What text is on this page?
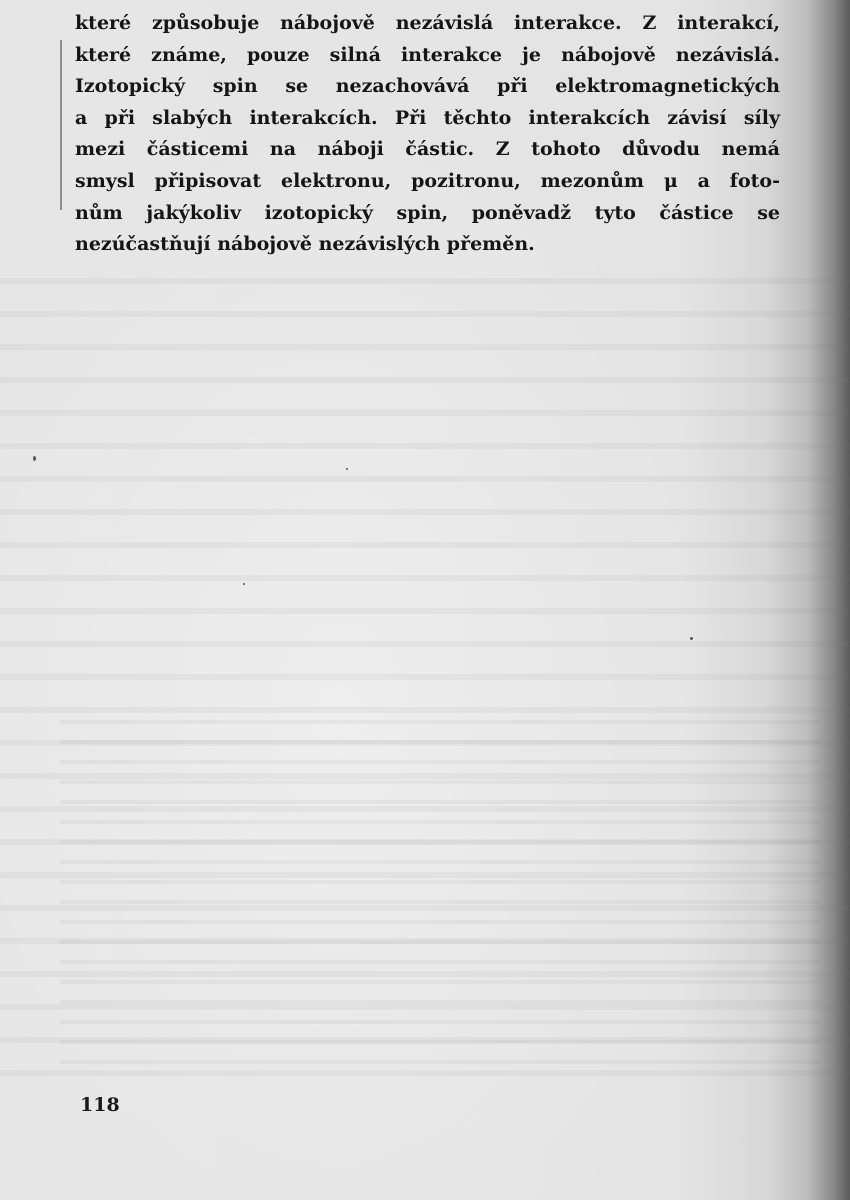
které způsobuje nábojově nezávislá interakce. Z interakcí,
které známe, pouze silná interakce je nábojově nezávislá.
Izotopický spin se nezachovává při elektromagnetických
a při slabých interakcích. Při těchto interakcích závisí síly
mezi částicemi na náboji částic. Z tohoto důvodu nemá
smysl připisovat elektronu, pozitronu, mezonům μ a foto-
nům jakýkoliv izotopický spin, poněvadž tyto částice se
nezúčastňují nábojově nezávislých přeměn.
118
